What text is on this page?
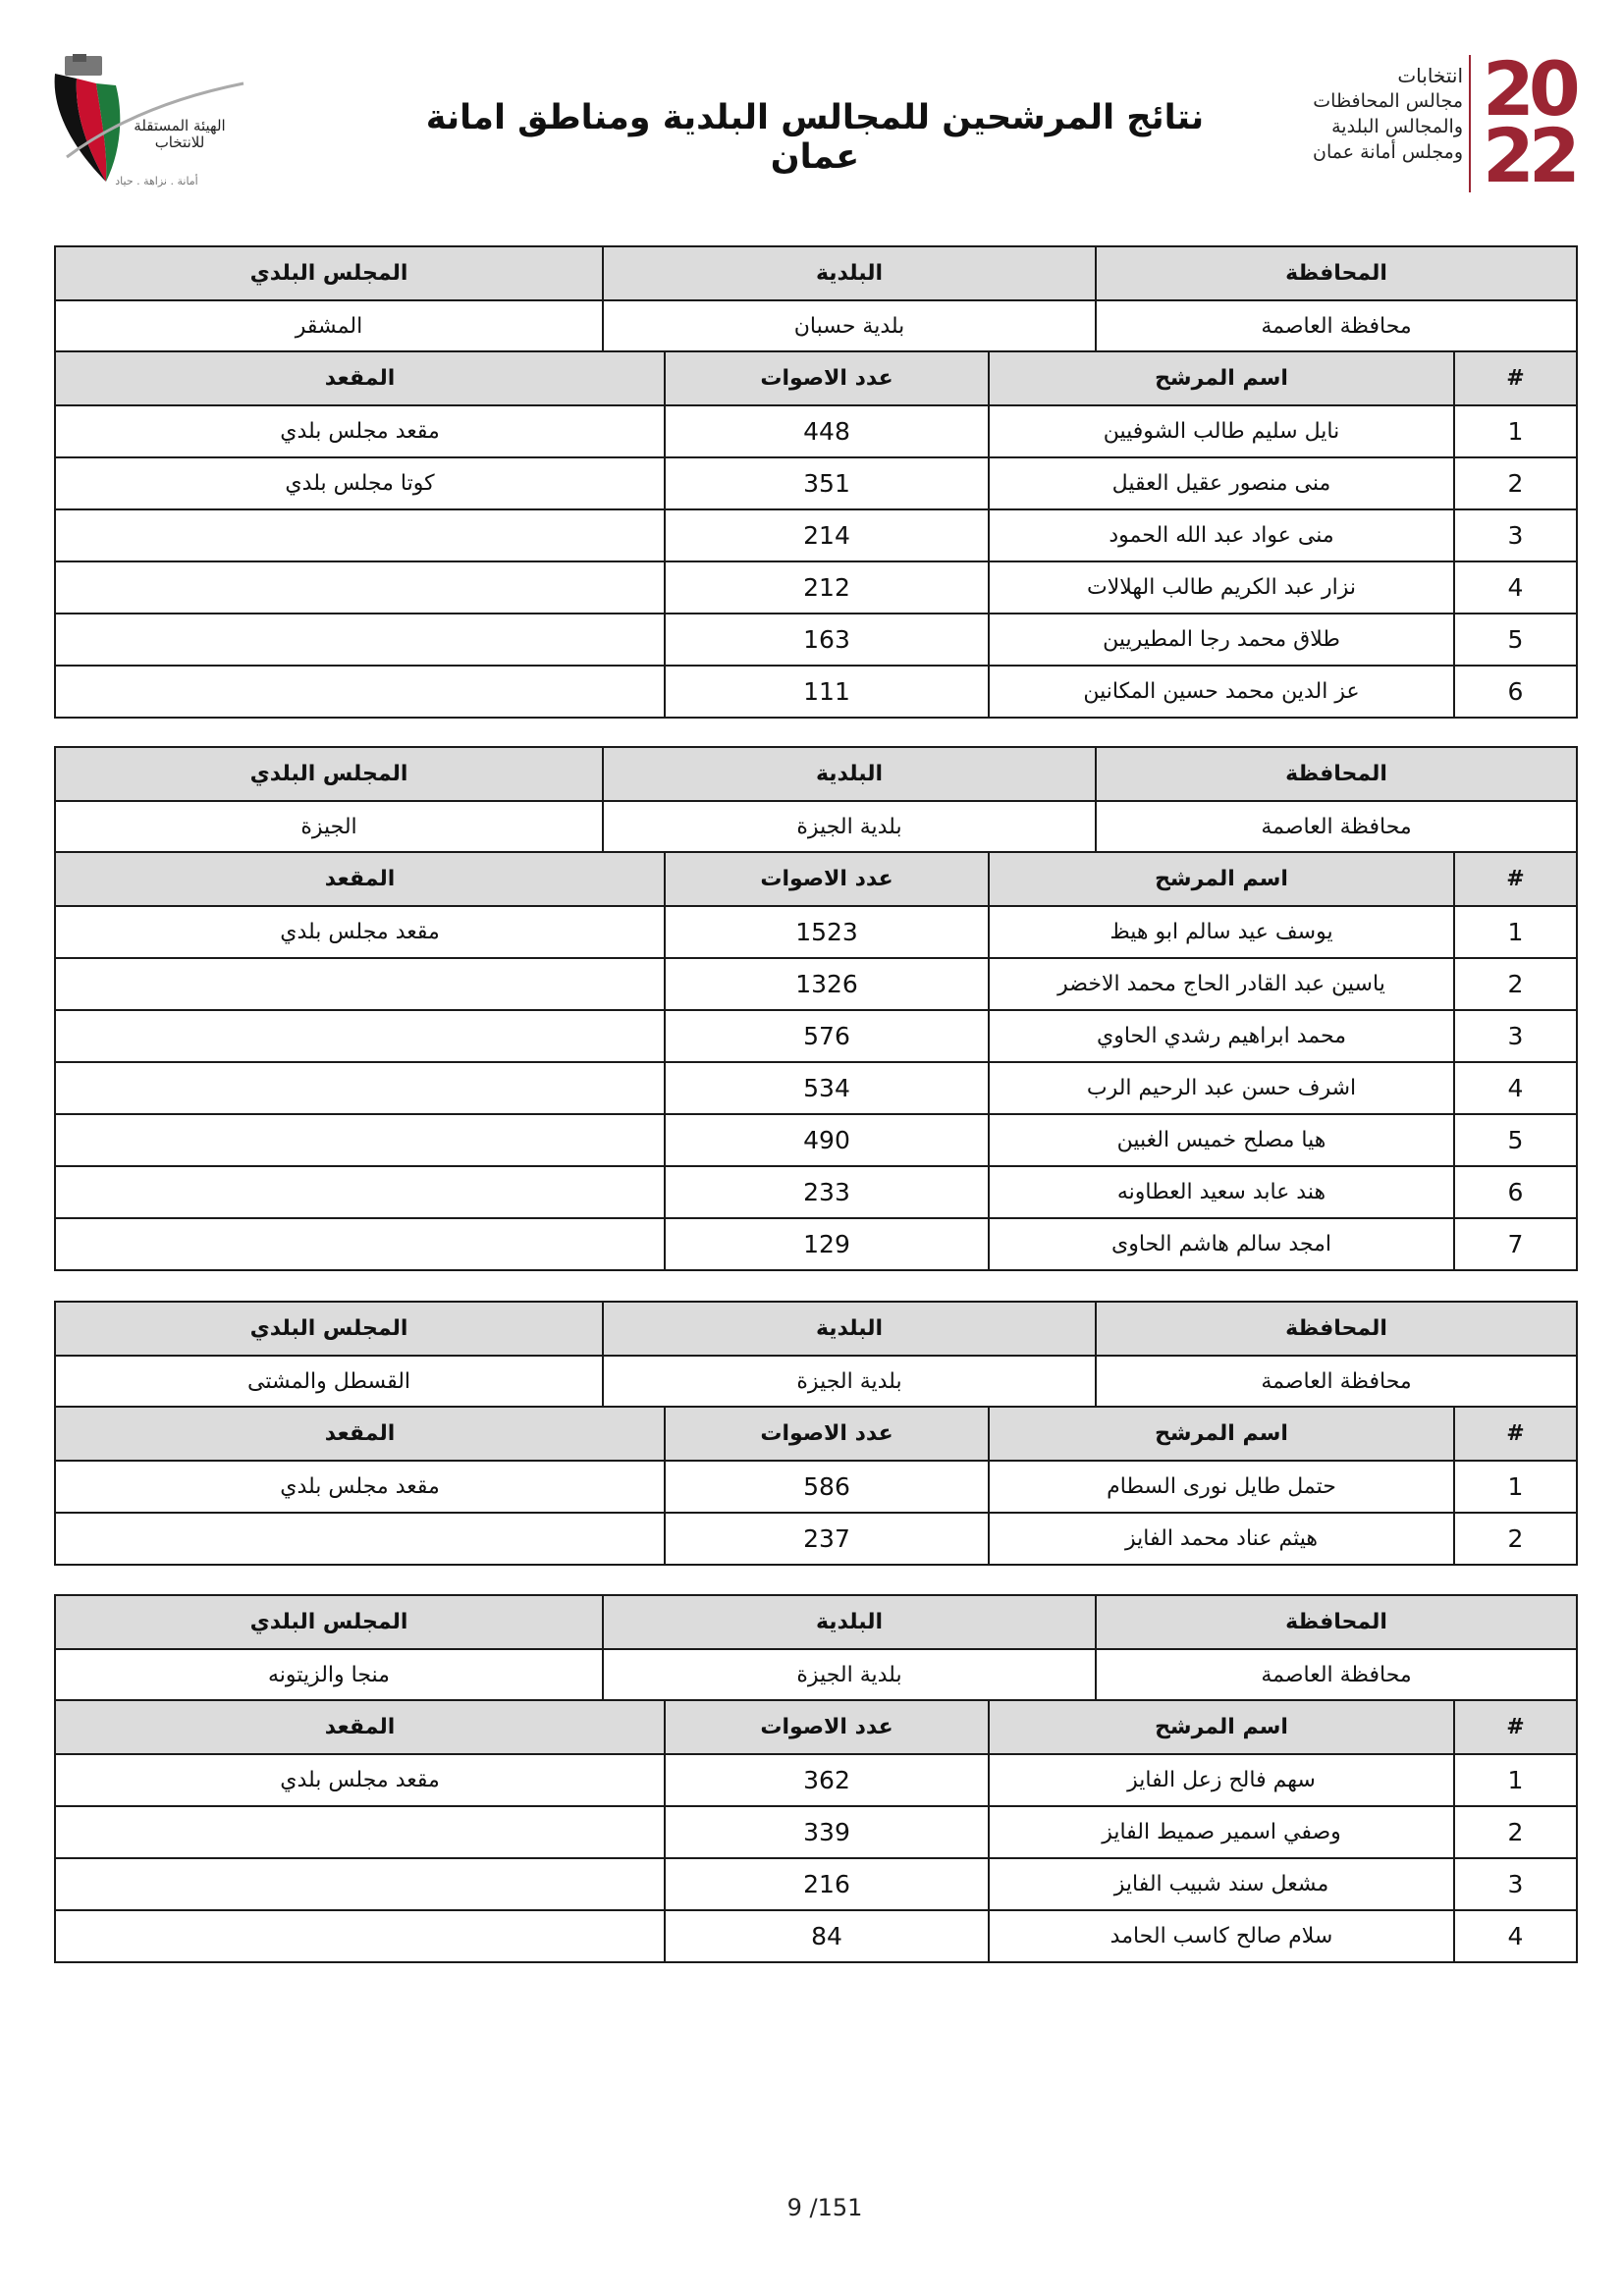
الهيئة المستقلة
للانتخاب
أمانة . نزاهة . حياد
نتائج المرشحين للمجالس البلدية ومناطق امانة عمان
انتخابات
مجالس المحافظات
والمجالس البلدية
ومجلس أمانة عمان
20
22
المحافظة	البلدية	المجلس البلدي
محافظة العاصمة	بلدية حسبان	المشقر
#	اسم المرشح	عدد الاصوات	المقعد
1	نايل سليم طالب الشوفيين	448	مقعد مجلس بلدي
2	منى منصور عقيل العقيل	351	كوتا مجلس بلدي
3	منى عواد عبد الله الحمود	214	
4	نزار عبد الكريم طالب الهلالات	212	
5	طلاق محمد رجا المطيريين	163	
6	عز الدين محمد حسين المكانين	111	
المحافظة	البلدية	المجلس البلدي
محافظة العاصمة	بلدية الجيزة	الجيزة
#	اسم المرشح	عدد الاصوات	المقعد
1	يوسف عيد سالم ابو هيظ	1523	مقعد مجلس بلدي
2	ياسين عبد القادر الحاج محمد الاخضر	1326	
3	محمد ابراهيم رشدي الحاوي	576	
4	اشرف حسن عبد الرحيم الرب	534	
5	هيا مصلح خميس الغبين	490	
6	هند عابد سعيد العطاونه	233	
7	امجد سالم هاشم الحاوى	129	
المحافظة	البلدية	المجلس البلدي
محافظة العاصمة	بلدية الجيزة	القسطل والمشتى
#	اسم المرشح	عدد الاصوات	المقعد
1	حتمل طايل نورى السطام	586	مقعد مجلس بلدي
2	هيثم عناد محمد الفايز	237	
المحافظة	البلدية	المجلس البلدي
محافظة العاصمة	بلدية الجيزة	منجا والزيتونه
#	اسم المرشح	عدد الاصوات	المقعد
1	سهم فالح زعل الفايز	362	مقعد مجلس بلدي
2	وصفي اسمير صميط الفايز	339	
3	مشعل سند شبيب الفايز	216	
4	سلام صالح كاسب الحامد	84	
9 /151
